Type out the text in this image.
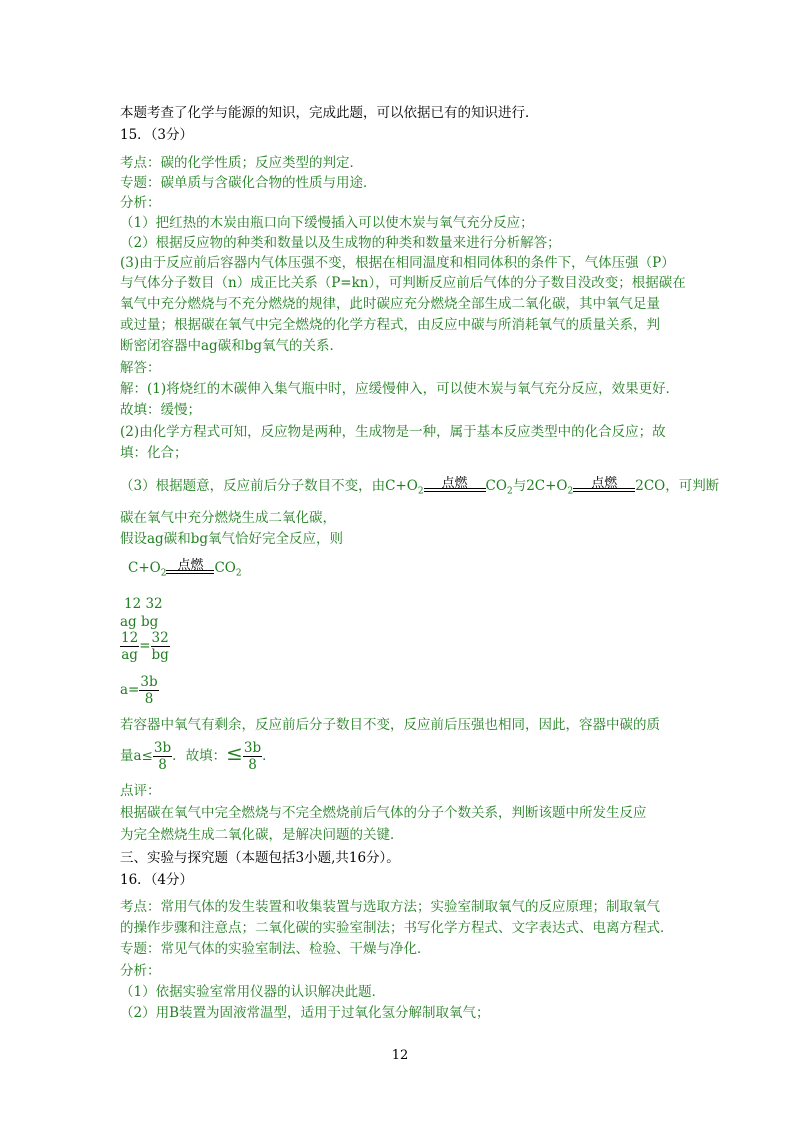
本题考查了化学与能源的知识，完成此题，可以依据已有的知识进行．
15．（3分）
考点：碳的化学性质；反应类型的判定．
专题：碳单质与含碳化合物的性质与用途．
分析：
（1）把红热的木炭由瓶口向下缓慢插入可以使木炭与氧气充分反应；
（2）根据反应物的种类和数量以及生成物的种类和数量来进行分析解答；
(3)由于反应前后容器内气体压强不变，根据在相同温度和相同体积的条件下，气体压强（P）
与气体分子数目（n）成正比关系（P=kn），可判断反应前后气体的分子数目没改变；根据碳在
氧气中充分燃烧与不充分燃烧的规律，此时碳应充分燃烧全部生成二氧化碳，其中氧气足量
或过量；根据碳在氧气中完全燃烧的化学方程式，由反应中碳与所消耗氧气的质量关系，判
断密闭容器中ag碳和bg氧气的关系．
解答：
解：(1)将烧红的木碳伸入集气瓶中时，应缓慢伸入，可以使木炭与氧气充分反应，效果更好．
故填：缓慢；
(2)由化学方程式可知，反应物是两种，生成物是一种，属于基本反应类型中的化合反应；故
填：化合；
（3）根据题意，反应前后分子数目不变，由$C+O_2$
点燃	$CO_2$与$2C+O_2$
点燃	2CO，可判断
碳在氧气中充分燃烧生成二氧化碳，
假设ag碳和bg氧气恰好完全反应，则
$C+O_2$
点燃 $CO_2$
12 32
ag bg
$\frac{12}{ag} = \frac{32}{bg}$
$a= \frac{3b}{8}$
若容器中氧气有剩余，反应前后分子数目不变，反应前后压强也相同，因此，容器中碳的质
量$a\le \frac{3b}{8}$ ．故填：≤ $\frac{3b}{8}$ ．
点评：
根据碳在氧气中完全燃烧与不完全燃烧前后气体的分子个数关系，判断该题中所发生反应
为完全燃烧生成二氧化碳，是解决问题的关键．
三、实验与探究题（本题包括3小题,共16分）。
16．（4分）
考点：常用气体的发生装置和收集装置与选取方法；实验室制取氧气的反应原理；制取氧气
的操作步骤和注意点；二氧化碳的实验室制法；书写化学方程式、文字表达式、电离方程式．
专题：常见气体的实验室制法、检验、干燥与净化．
分析：
（1）依据实验室常用仪器的认识解决此题．
（2）用B装置为固液常温型，适用于过氧化氢分解制取氧气；
12
